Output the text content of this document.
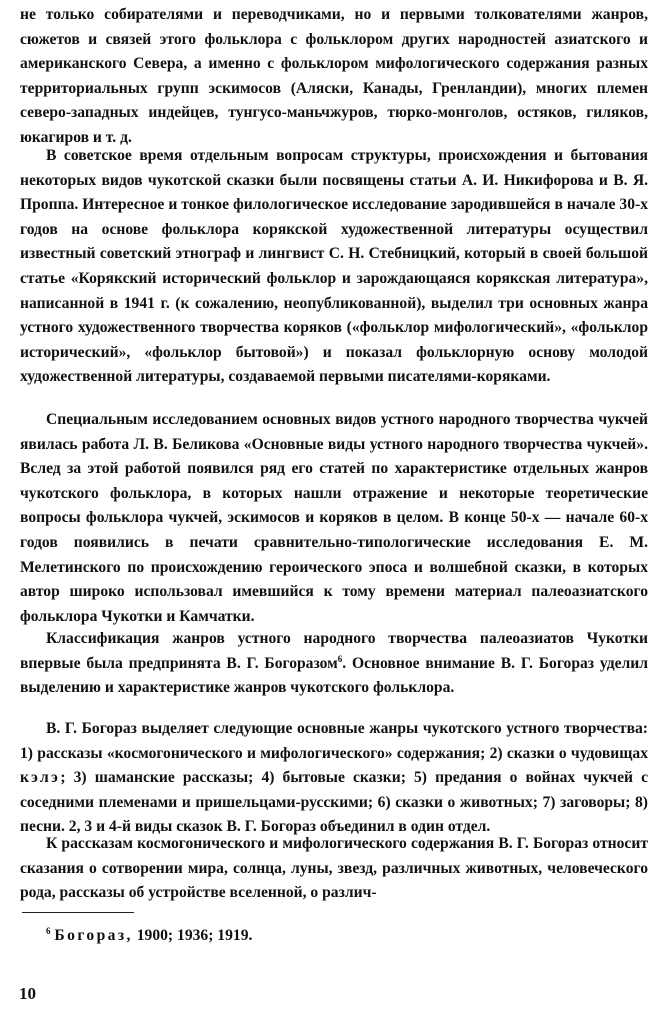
не только собирателями и переводчиками, но и первыми толкователями жанров, сюжетов и связей этого фольклора с фольклором других народностей азиатского и американского Севера, а именно с фольклором мифологического содержания разных территориальных групп эскимосов (Аляски, Канады, Гренландии), многих племен северо-западных индейцев, тунгусо-маньчжуров, тюрко-монголов, остяков, гиляков, юкагиров и т. д.

В советское время отдельным вопросам структуры, происхождения и бытования некоторых видов чукотской сказки были посвящены статьи А. И. Никифорова и В. Я. Проппа. Интересное и тонкое филологическое исследование зародившейся в начале 30-х годов на основе фольклора корякской художественной литературы осуществил известный советский этнограф и лингвист С. Н. Стебницкий, который в своей большой статье «Корякский исторический фольклор и зарождающаяся корякская литература», написанной в 1941 г. (к сожалению, неопубликованной), выделил три основных жанра устного художественного творчества коряков («фольклор мифологический», «фольклор исторический», «фольклор бытовой») и показал фольклорную основу молодой художественной литературы, создаваемой первыми писателями-коряками.

Специальным исследованием основных видов устного народного творчества чукчей явилась работа Л. В. Беликова «Основные виды устного народного творчества чукчей». Вслед за этой работой появился ряд его статей по характеристике отдельных жанров чукотского фольклора, в которых нашли отражение и некоторые теоретические вопросы фольклора чукчей, эскимосов и коряков в целом. В конце 50-х — начале 60-х годов появились в печати сравнительно-типологические исследования Е. М. Мелетинского по происхождению героического эпоса и волшебной сказки, в которых автор широко использовал имевшийся к тому времени материал палеоазиатского фольклора Чукотки и Камчатки.

Классификация жанров устного народного творчества палеоазиатов Чукотки впервые была предпринята В. Г. Богоразом$^6$. Основное внимание В. Г. Богораз уделил выделению и характеристике жанров чукотского фольклора.

В. Г. Богораз выделяет следующие основные жанры чукотского устного творчества: 1) рассказы «космогонического и мифологического» содержания; 2) сказки о чудовищах кэлэ; 3) шаманские рассказы; 4) бытовые сказки; 5) предания о войнах чукчей с соседними племенами и пришельцами-русскими; 6) сказки о животных; 7) заговоры; 8) песни. 2, 3 и 4-й виды сказок В. Г. Богораз объединил в один отдел.

К рассказам космогонического и мифологического содержания В. Г. Богораз относит сказания о сотворении мира, солнца, луны, звезд, различных животных, человеческого рода, рассказы об устройстве вселенной, о различ-

$^6$ Богораз, 1900; 1936; 1919.

10
